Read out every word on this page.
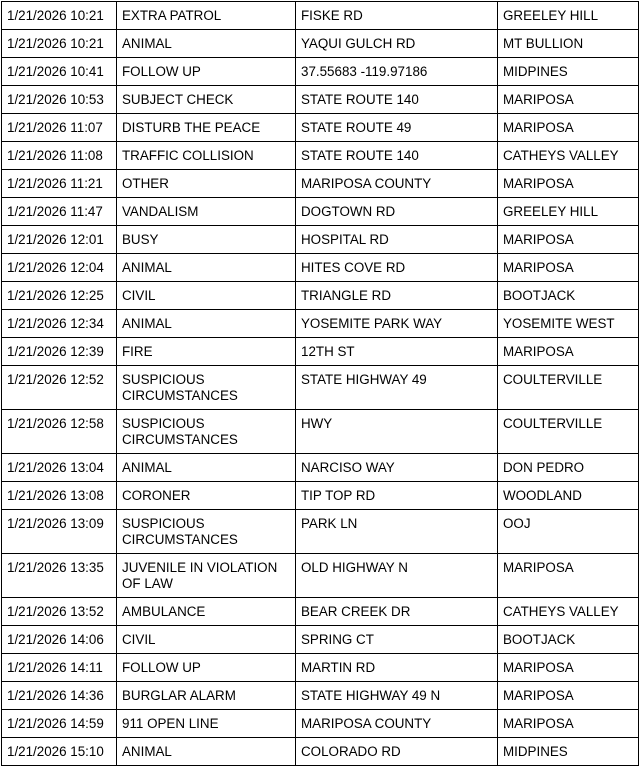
1/21/2026 10:21	EXTRA PATROL	FISKE RD	GREELEY HILL
1/21/2026 10:21	ANIMAL	YAQUI GULCH RD	MT BULLION
1/21/2026 10:41	FOLLOW UP	37.55683 -119.97186	MIDPINES
1/21/2026 10:53	SUBJECT CHECK	STATE ROUTE 140	MARIPOSA
1/21/2026 11:07	DISTURB THE PEACE	STATE ROUTE 49	MARIPOSA
1/21/2026 11:08	TRAFFIC COLLISION	STATE ROUTE 140	CATHEYS VALLEY
1/21/2026 11:21	OTHER	MARIPOSA COUNTY	MARIPOSA
1/21/2026 11:47	VANDALISM	DOGTOWN RD	GREELEY HILL
1/21/2026 12:01	BUSY	HOSPITAL RD	MARIPOSA
1/21/2026 12:04	ANIMAL	HITES COVE RD	MARIPOSA
1/21/2026 12:25	CIVIL	TRIANGLE RD	BOOTJACK
1/21/2026 12:34	ANIMAL	YOSEMITE PARK WAY	YOSEMITE WEST
1/21/2026 12:39	FIRE	12TH ST	MARIPOSA
1/21/2026 12:52	SUSPICIOUS
CIRCUMSTANCES	STATE HIGHWAY 49	COULTERVILLE
1/21/2026 12:58	SUSPICIOUS
CIRCUMSTANCES	HWY	COULTERVILLE
1/21/2026 13:04	ANIMAL	NARCISO WAY	DON PEDRO
1/21/2026 13:08	CORONER	TIP TOP RD	WOODLAND
1/21/2026 13:09	SUSPICIOUS
CIRCUMSTANCES	PARK LN	OOJ
1/21/2026 13:35	JUVENILE IN VIOLATION
OF LAW	OLD HIGHWAY N	MARIPOSA
1/21/2026 13:52	AMBULANCE	BEAR CREEK DR	CATHEYS VALLEY
1/21/2026 14:06	CIVIL	SPRING CT	BOOTJACK
1/21/2026 14:11	FOLLOW UP	MARTIN RD	MARIPOSA
1/21/2026 14:36	BURGLAR ALARM	STATE HIGHWAY 49 N	MARIPOSA
1/21/2026 14:59	911 OPEN LINE	MARIPOSA COUNTY	MARIPOSA
1/21/2026 15:10	ANIMAL	COLORADO RD	MIDPINES
